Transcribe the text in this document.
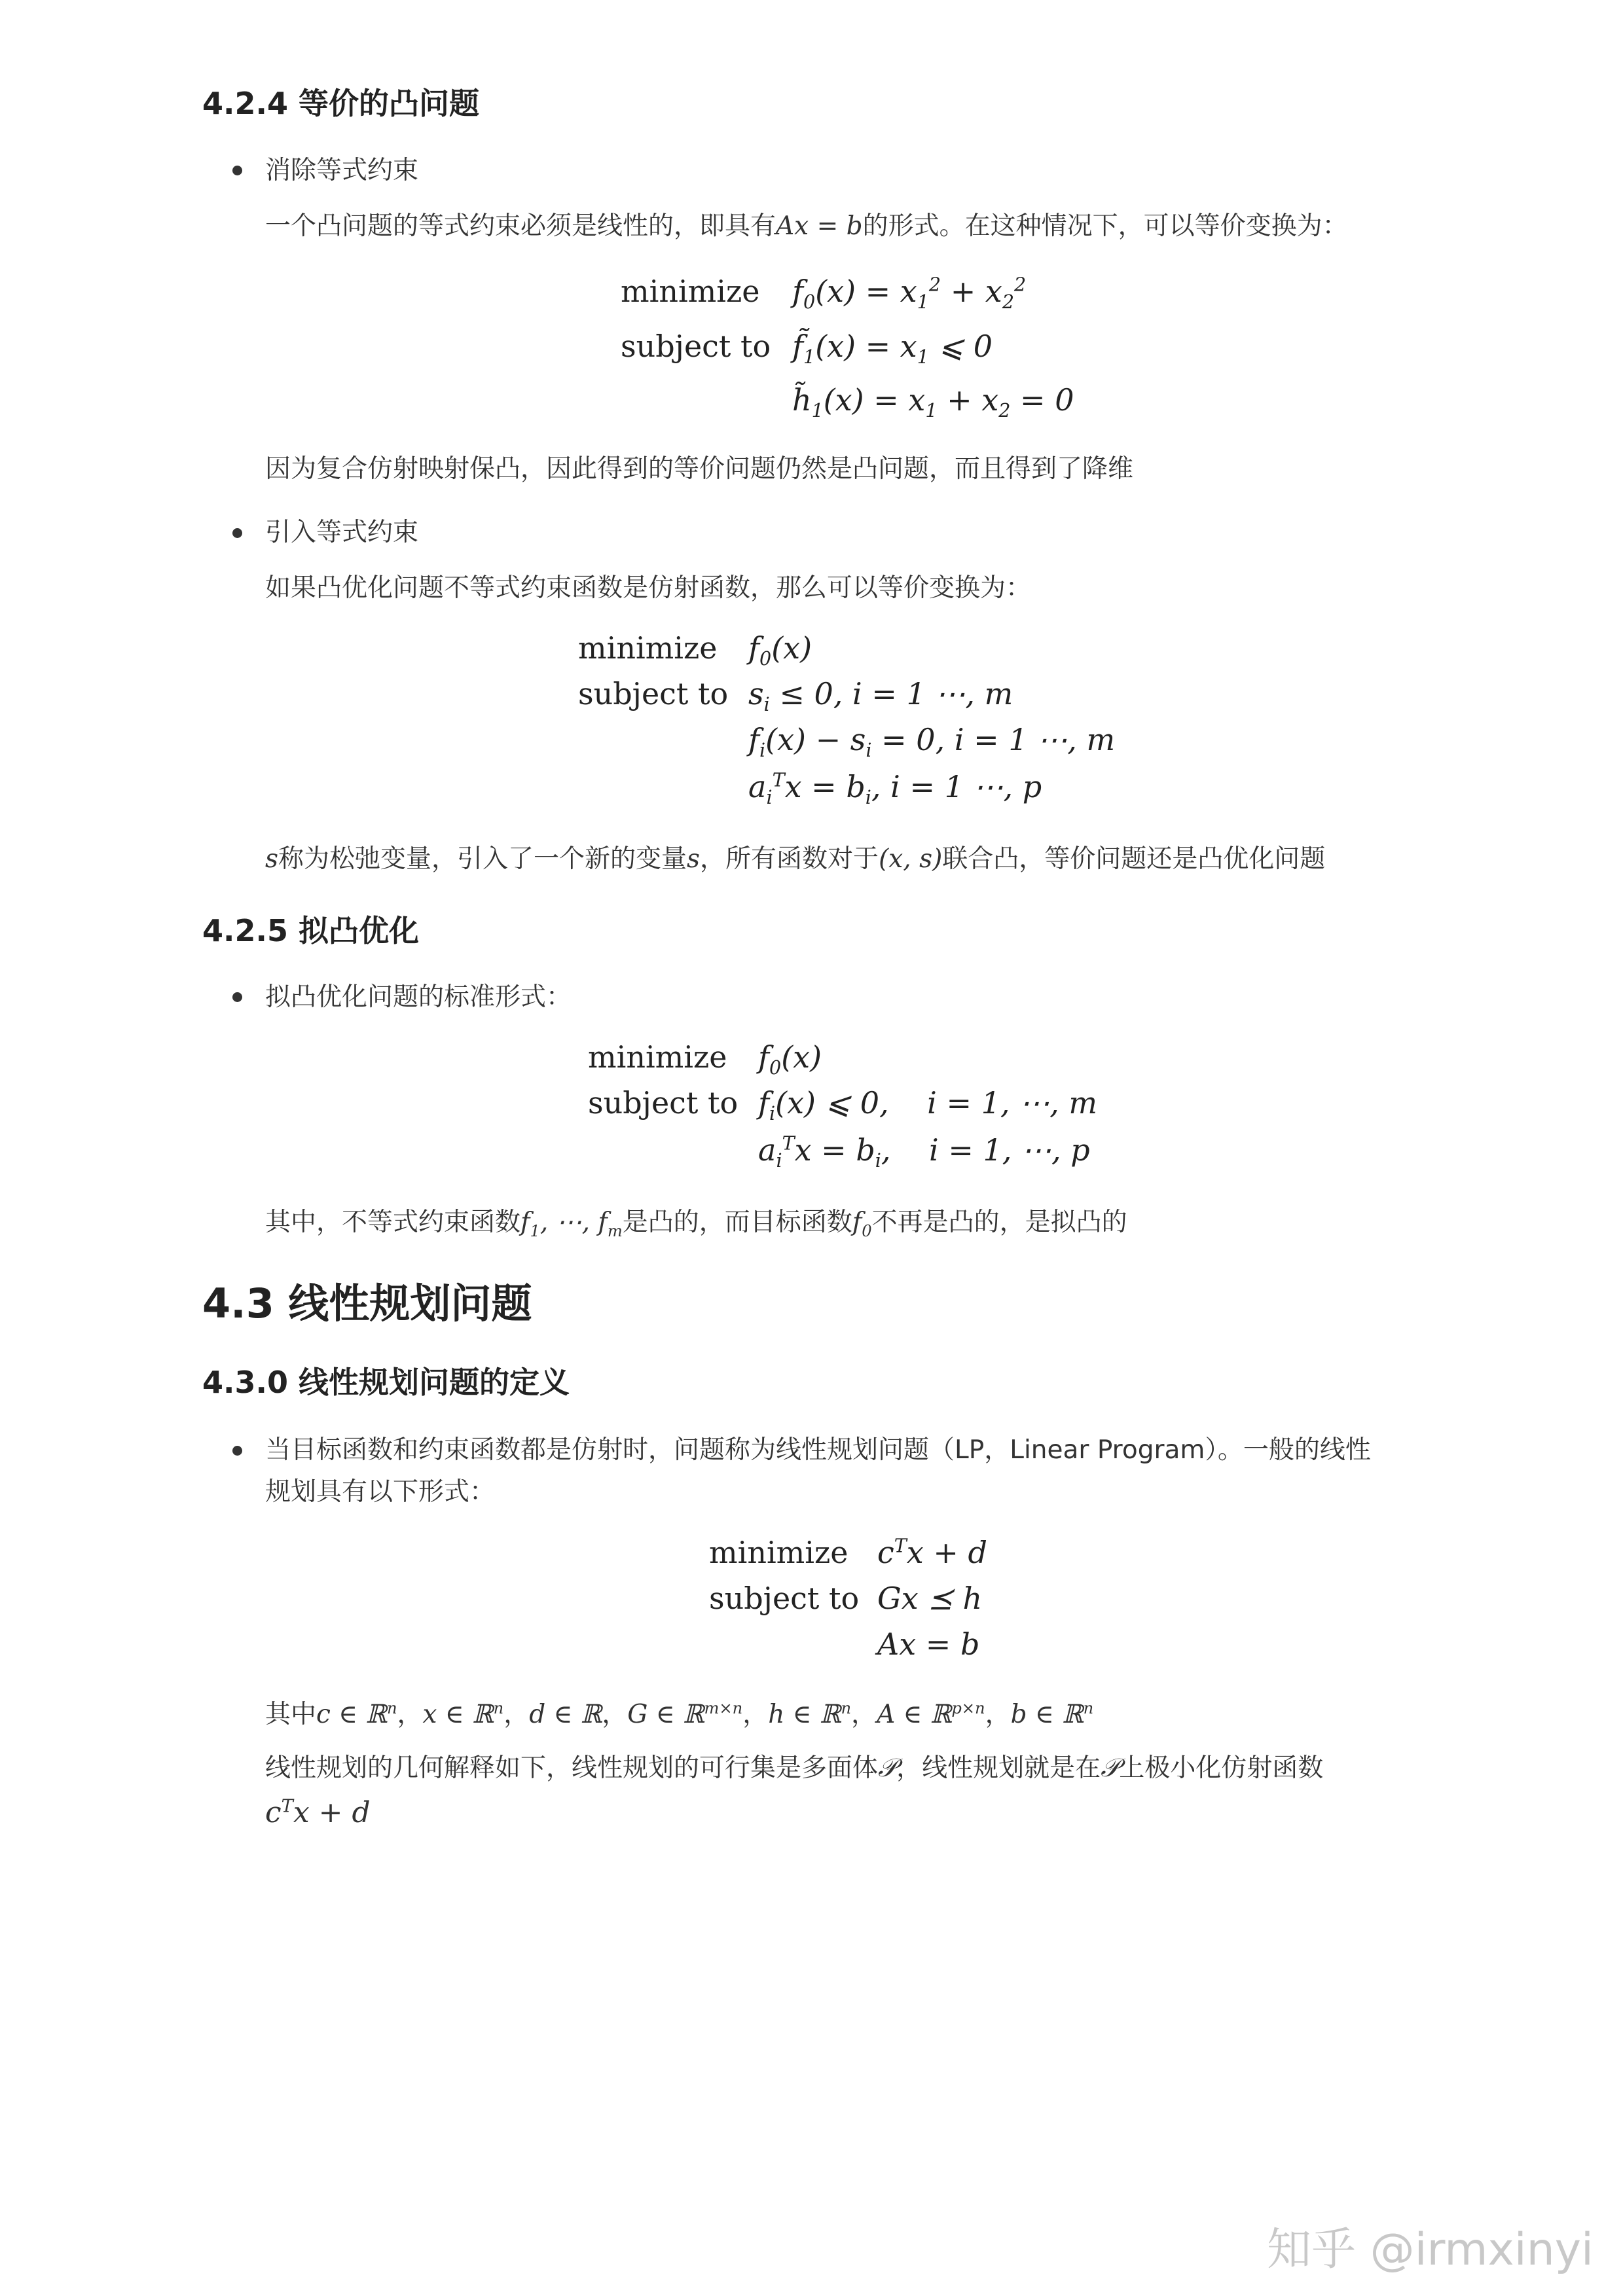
4.2.4 等价的凸问题
消除等式约束
一个凸问题的等式约束必须是线性的，即具有Ax = b的形式。在这种情况下，可以等价变换为：
minimize $f_0(x) = x_1^2 + x_2^2$
subject to $f̃_1(x) = x_1$ ⩽ 0
$h̃_1(x) = x_1 + x_2 = 0$
因为复合仿射映射保凸，因此得到的等价问题仍然是凸问题，而且得到了降维
引入等式约束
如果凸优化问题不等式约束函数是仿射函数，那么可以等价变换为：
minimize $f_0(x)$
subject to $s_i \le 0$, i = 1 ⋯, m
$f_i(x) - s_i = 0$, i = 1 ⋯, m
$a_i^Tx = b_i$, i = 1 ⋯, p
s称为松弛变量，引入了一个新的变量s，所有函数对于(x, s)联合凸，等价问题还是凸优化问题
4.2.5 拟凸优化
拟凸优化问题的标准形式：
minimize $f_0(x)$
subject to $f_i(x)$ ⩽ 0,    i = 1, ⋯, m
$a_i^Tx = b_i$,    i = 1, ⋯, p
其中，不等式约束函数$f_1$, ⋯, $f_m$是凸的，而目标函数$f_0$不再是凸的，是拟凸的
4.3 线性规划问题
4.3.0 线性规划问题的定义
当目标函数和约束函数都是仿射时，问题称为线性规划问题（LP，Linear Program）。一般的线性
规划具有以下形式：
minimize $c^Tx + d$
subject to Gx ⪯ h
Ax = b
其中c ∈ ℝ$^n$，x ∈ ℝ$^n$，d ∈ ℝ，G ∈ ℝ$^{m\times n}$，h ∈ ℝ$^n$，A ∈ ℝ$^{p\times n}$，b ∈ ℝ$^n$
线性规划的几何解释如下，线性规划的可行集是多面体𝒫，线性规划就是在𝒫上极小化仿射函数
$c^Tx + d$
知乎 @irmxinyi
